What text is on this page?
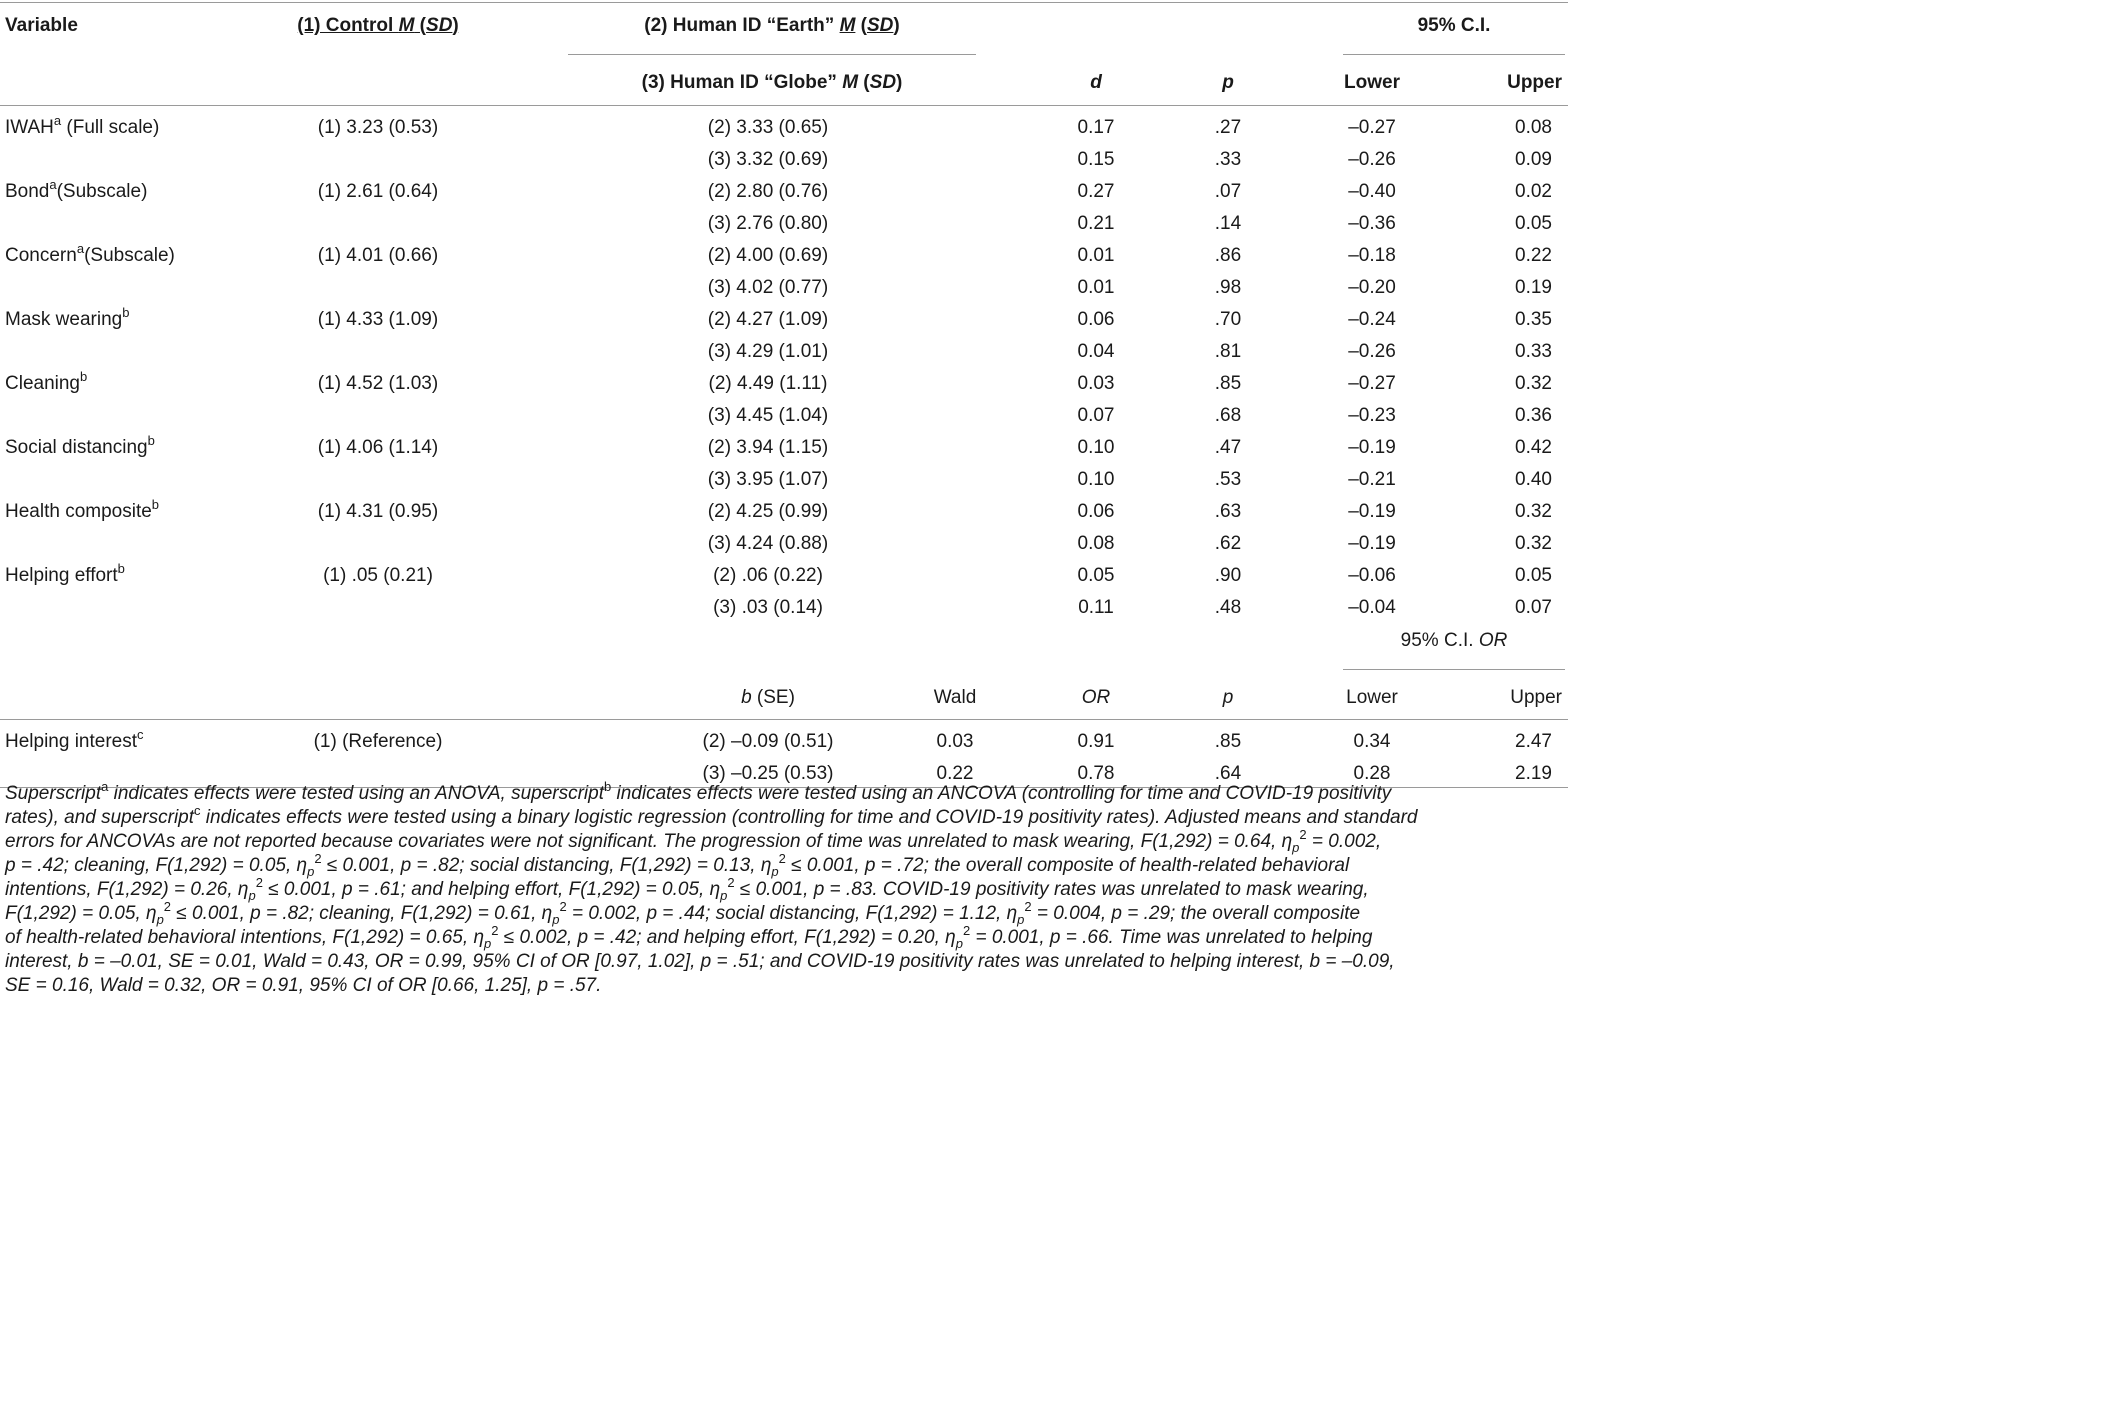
Variable	(1) Control M (SD)	(2) Human ID “Earth” M (SD)	95% C.I.
(3) Human ID “Globe” M (SD)	d	p	Lower	Upper
IWAH$^a$ (Full scale)	(1) 3.23 (0.53)	(2) 3.33 (0.65)	0.17	.27	–0.27	0.08
(3) 3.32 (0.69)	0.15	.33	–0.26	0.09
Bond$^a$(Subscale)	(1) 2.61 (0.64)	(2) 2.80 (0.76)	0.27	.07	–0.40	0.02
(3) 2.76 (0.80)	0.21	.14	–0.36	0.05
Concern$^a$(Subscale)	(1) 4.01 (0.66)	(2) 4.00 (0.69)	0.01	.86	–0.18	0.22
(3) 4.02 (0.77)	0.01	.98	–0.20	0.19
Mask wearing$^b$	(1) 4.33 (1.09)	(2) 4.27 (1.09)	0.06	.70	–0.24	0.35
(3) 4.29 (1.01)	0.04	.81	–0.26	0.33
Cleaning$^b$	(1) 4.52 (1.03)	(2) 4.49 (1.11)	0.03	.85	–0.27	0.32
(3) 4.45 (1.04)	0.07	.68	–0.23	0.36
Social distancing$^b$	(1) 4.06 (1.14)	(2) 3.94 (1.15)	0.10	.47	–0.19	0.42
(3) 3.95 (1.07)	0.10	.53	–0.21	0.40
Health composite$^b$	(1) 4.31 (0.95)	(2) 4.25 (0.99)	0.06	.63	–0.19	0.32
(3) 4.24 (0.88)	0.08	.62	–0.19	0.32
Helping effort$^b$	(1) .05 (0.21)	(2) .06 (0.22)	0.05	.90	–0.06	0.05
(3) .03 (0.14)	0.11	.48	–0.04	0.07
95% C.I. OR
b (SE)	Wald	OR	p	Lower	Upper
Helping interest$^c$	(1) (Reference)	(2) –0.09 (0.51)	0.03	0.91	.85	0.34	2.47
(3) –0.25 (0.53)	0.22	0.78	.64	0.28	2.19
Superscript$^a$ indicates effects were tested using an ANOVA, superscript$^b$ indicates effects were tested using an ANCOVA (controlling for time and COVID-19 positivity
rates), and superscript$^c$ indicates effects were tested using a binary logistic regression (controlling for time and COVID-19 positivity rates). Adjusted means and standard
errors for ANCOVAs are not reported because covariates were not significant. The progression of time was unrelated to mask wearing, F(1,292) = 0.64, $\eta_p^2 = 0.002$,
p = .42; cleaning, F(1,292) = 0.05, $\eta_p^2 \le 0.001$, p = .82; social distancing, F(1,292) = 0.13, $\eta_p^2 \le 0.001$, p = .72; the overall composite of health-related behavioral
intentions, F(1,292) = 0.26, $\eta_p^2 \le 0.001$, p = .61; and helping effort, F(1,292) = 0.05, $\eta_p^2 \le 0.001$, p = .83. COVID-19 positivity rates was unrelated to mask wearing,
F(1,292) = 0.05, $\eta_p^2 \le 0.001$, p = .82; cleaning, F(1,292) = 0.61, $\eta_p^2 = 0.002$, p = .44; social distancing, F(1,292) = 1.12, $\eta_p^2 = 0.004$, p = .29; the overall composite
of health-related behavioral intentions, F(1,292) = 0.65, $\eta_p^2 \le 0.002$, p = .42; and helping effort, F(1,292) = 0.20, $\eta_p^2 = 0.001$, p = .66. Time was unrelated to helping
interest, b = –0.01, SE = 0.01, Wald = 0.43, OR = 0.99, 95% CI of OR [0.97, 1.02], p = .51; and COVID-19 positivity rates was unrelated to helping interest, b = –0.09,
SE = 0.16, Wald = 0.32, OR = 0.91, 95% CI of OR [0.66, 1.25], p = .57.
